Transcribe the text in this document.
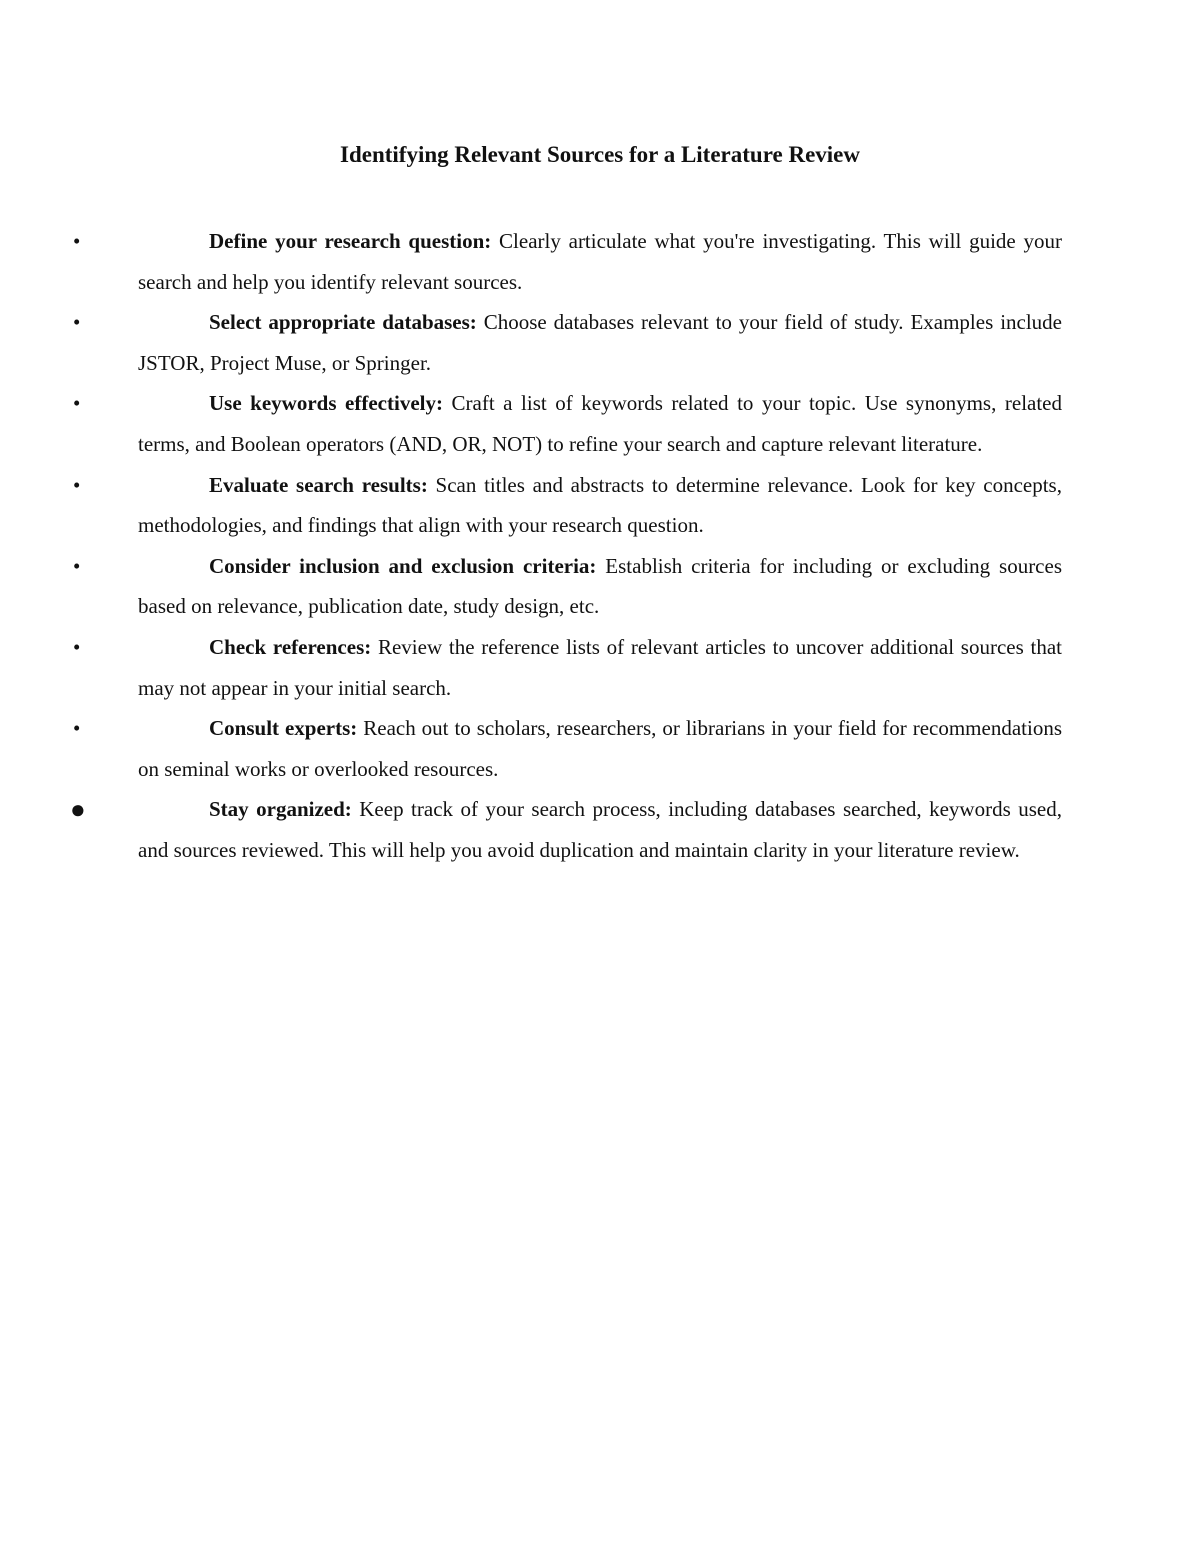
Identifying Relevant Sources for a Literature Review
•	Define your research question: Clearly articulate what you're investigating. This will guide your search and help you identify relevant sources.
•	Select appropriate databases: Choose databases relevant to your field of study. Examples include JSTOR, Project Muse, or Springer.
•	Use keywords effectively: Craft a list of keywords related to your topic. Use synonyms, related terms, and Boolean operators (AND, OR, NOT) to refine your search and capture relevant literature.
•	Evaluate search results: Scan titles and abstracts to determine relevance. Look for key concepts, methodologies, and findings that align with your research question.
•	Consider inclusion and exclusion criteria: Establish criteria for including or excluding sources based on relevance, publication date, study design, etc.
•	Check references: Review the reference lists of relevant articles to uncover additional sources that may not appear in your initial search.
•	Consult experts: Reach out to scholars, researchers, or librarians in your field for recommendations on seminal works or overlooked resources.
●	Stay organized: Keep track of your search process, including databases searched, keywords used, and sources reviewed. This will help you avoid duplication and maintain clarity in your literature review.
